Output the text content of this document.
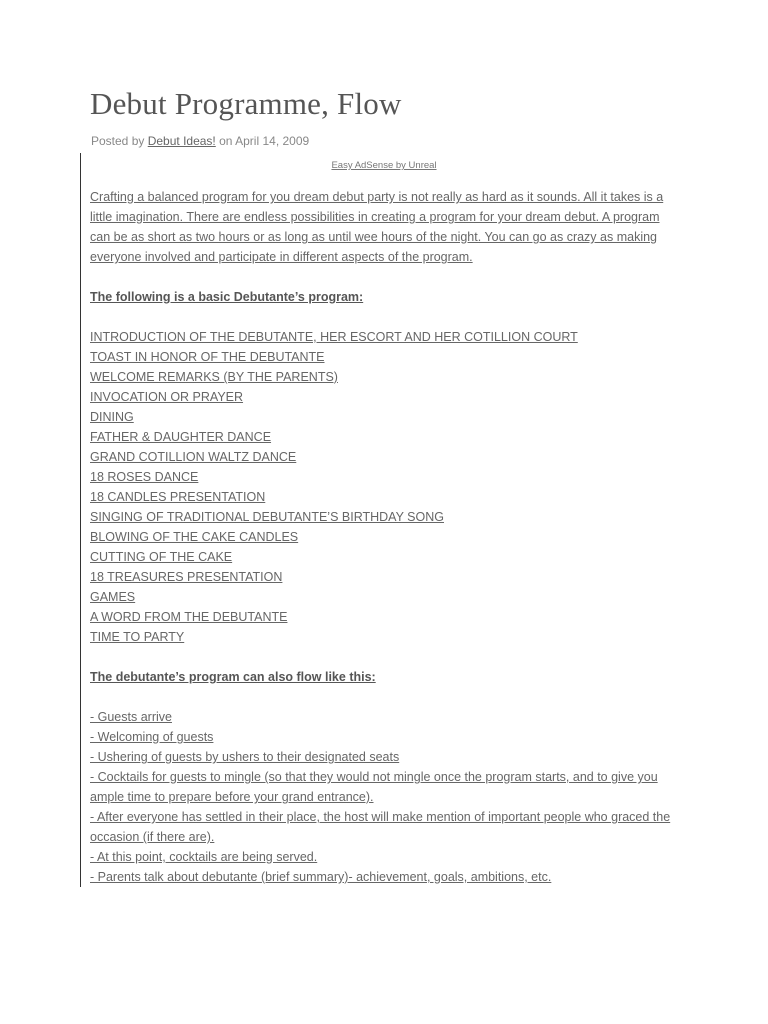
Debut Programme, Flow
Posted by Debut Ideas! on April 14, 2009
Easy AdSense by Unreal

Crafting a balanced program for you dream debut party is not really as hard as it sounds. All it takes is a

little imagination. There are endless possibilities in creating a program for your dream debut. A program

can be as short as two hours or as long as until wee hours of the night. You can go as crazy as making

everyone involved and participate in different aspects of the program.

The following is a basic Debutante’s program:

INTRODUCTION OF THE DEBUTANTE, HER ESCORT AND HER COTILLION COURT
TOAST IN HONOR OF THE DEBUTANTE
WELCOME REMARKS (BY THE PARENTS)
INVOCATION OR PRAYER
DINING
FATHER & DAUGHTER DANCE
GRAND COTILLION WALTZ DANCE
18 ROSES DANCE
18 CANDLES PRESENTATION
SINGING OF TRADITIONAL DEBUTANTE’S BIRTHDAY SONG
BLOWING OF THE CAKE CANDLES
CUTTING OF THE CAKE
18 TREASURES PRESENTATION
GAMES
A WORD FROM THE DEBUTANTE
TIME TO PARTY

The debutante’s program can also flow like this:

- Guests arrive
- Welcoming of guests
- Ushering of guests by ushers to their designated seats
- Cocktails for guests to mingle (so that they would not mingle once the program starts, and to give you
ample time to prepare before your grand entrance).
- After everyone has settled in their place, the host will make mention of important people who graced the
occasion (if there are).
- At this point, cocktails are being served.
- Parents talk about debutante (brief summary)- achievement, goals, ambitions, etc.
